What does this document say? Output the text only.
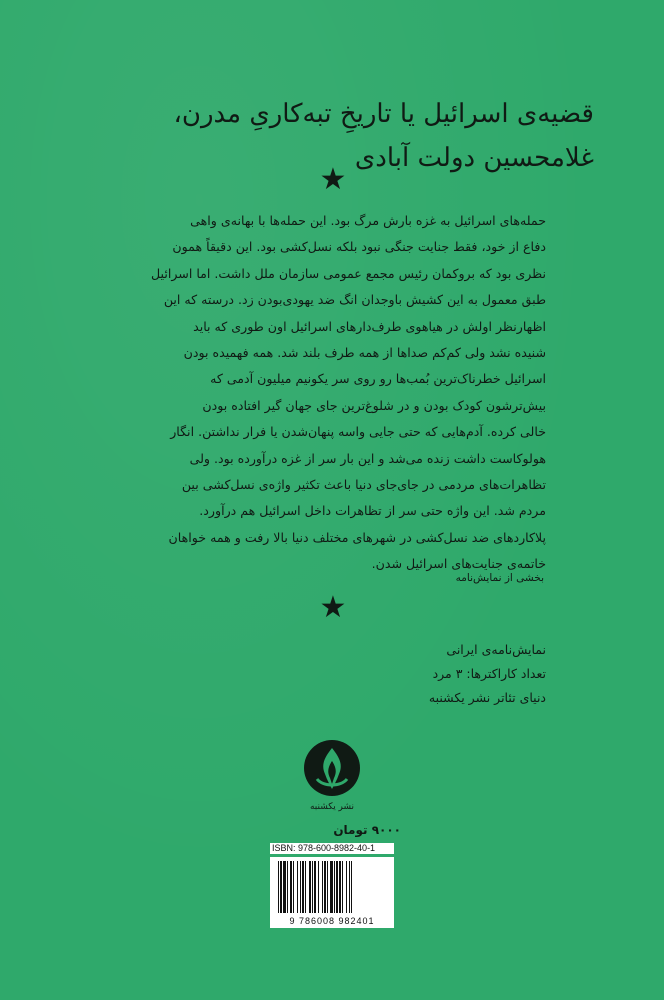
قضیه‌ی اسرائیل یا تاریخِ تبه‌کاریِ مدرن،
غلامحسین دولت آبادی
★

حمله‌های اسرائیل به غزه بارش مرگ بود. این حمله‌ها با بهانه‌ی واهی

دفاع از خود، فقط جنایت جنگی نبود بلکه نسل‌کشی بود. این دقیقاً همون

نظری بود که بروکمان رئیس مجمع عمومی سازمان ملل داشت. اما اسرائیل

طبق معمول به این کشیش باوجدان انگ ضد یهودی‌بودن زد. درسته که این

اظهارنظر اولش در هیاهوی طرف‌دارهای اسرائیل اون طوری که باید

شنیده نشد ولی کم‌کم صداها از همه طرف بلند شد. همه فهمیده بودن

اسرائیل خطرناک‌ترین بُمب‌ها رو روی سر یکونیم میلیون آدمی که

بیش‌ترشون کودک بودن و در شلوغ‌ترین جای جهان گیر افتاده بودن

خالی کرده. آدم‌هایی که حتی جایی واسه پنهان‌شدن یا فرار نداشتن. انگار

هولوکاست داشت زنده می‌شد و این بار سر از غزه درآورده بود. ولی

تظاهرات‌های مردمی در جای‌جای دنیا باعث تکثیر واژه‌ی نسل‌کشی بین

مردم شد. این واژه حتی سر از تظاهرات داخل اسرائیل هم درآورد.

پلاکاردهای ضد نسل‌کشی در شهرهای مختلف دنیا بالا رفت و همه خواهان

خاتمه‌ی جنایت‌های اسرائیل شدن.

بخشی از نمایش‌نامه
★
نمایش‌نامه‌ی ایرانی
تعداد کاراکترها: ۳ مرد
دنیای تئاتر نشر یکشنبه
نشر یکشنبه
۹۰۰۰ تومان
ISBN: 978-600-8982-40-1
9 786008 982401
